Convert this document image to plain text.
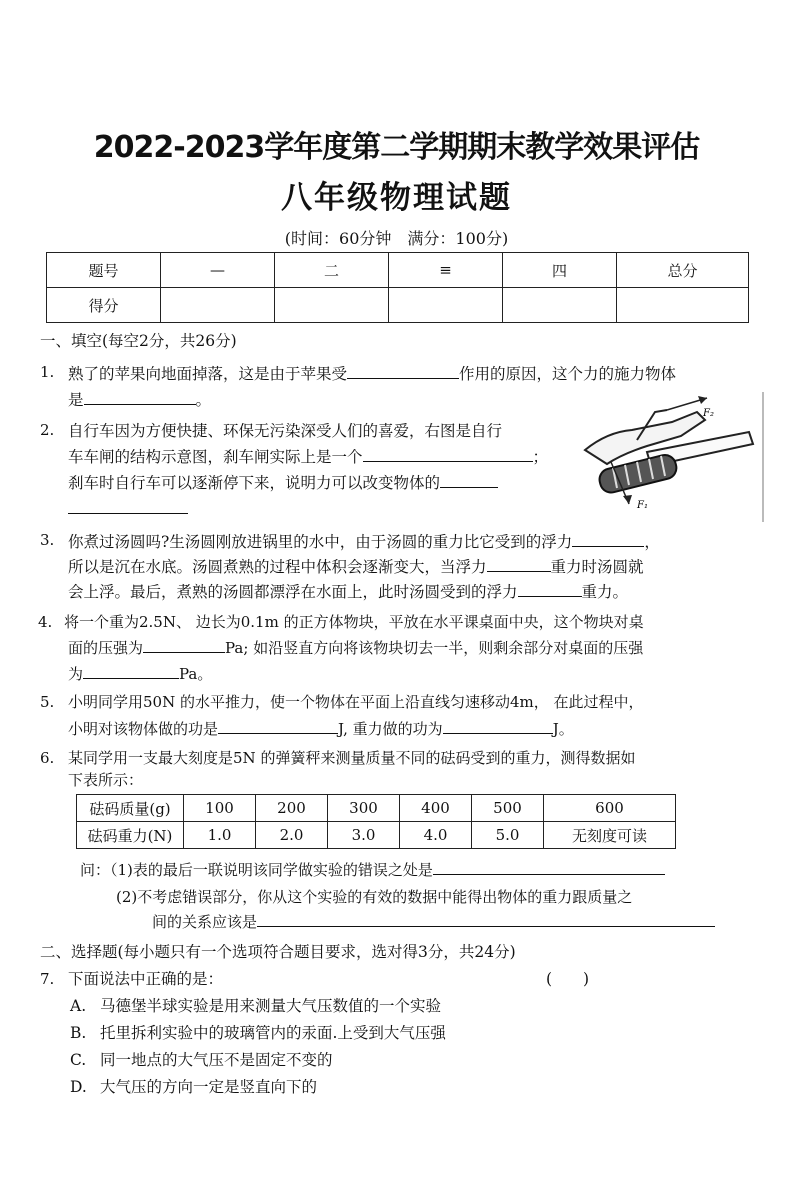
2022-2023学年度第二学期期末教学效果评估
八年级物理试题
(时间：60分钟　满分：100分)
题号	—	二	≡	四	总分
得分					
一、填空(每空2分，共26分)
1. 熟了的苹果向地面掉落，这是由于苹果受	作用的原因，这个力的施力物体
是	。
2. 自行车因为方便快捷、环保无污染深受人们的喜爱，右图是自行
车车闸的结构示意图，刹车闸实际上是一个	；
刹车时自行车可以逐渐停下来，说明力可以改变物体的
F₂
F₁
3. 你煮过汤圆吗?生汤圆刚放进锅里的水中，由于汤圆的重力比它受到的浮力	，
所以是沉在水底。汤圆煮熟的过程中体积会逐渐变大，当浮力	重力时汤圆就
会上浮。最后，煮熟的汤圆都漂浮在水面上，此时汤圆受到的浮力	重力。
4. 将一个重为2.5N、 边长为0.1m 的正方体物块，平放在水平课桌面中央，这个物块对桌
面的压强为	Pa; 如沿竖直方向将该物块切去一半，则剩余部分对桌面的压强
为	Pa。
5. 小明同学用50N 的水平推力，使一个物体在平面上沿直线匀速移动4m， 在此过程中，
小明对该物体做的功是	J, 重力做的功为	J。
6. 某同学用一支最大刻度是5N 的弹簧秤来测量质量不同的砝码受到的重力，测得数据如
下表所示：
砝码质量(g)	100	200	300	400	500	600
砝码重力(N)	1.0	2.0	3.0	4.0	5.0	无刻度可读
问：（1)表的最后一联说明该同学做实验的错误之处是
(2)不考虑错误部分，你从这个实验的有效的数据中能得出物体的重力跟质量之
间的关系应该是
二、选择题(每小题只有一个选项符合题目要求，选对得3分，共24分)
7. 下面说法中正确的是：	(　　)
A. 马德堡半球实验是用来测量大气压数值的一个实验
B. 托里拆利实验中的玻璃管内的汞面.上受到大气压强
C. 同一地点的大气压不是固定不变的
D. 大气压的方向一定是竖直向下的
